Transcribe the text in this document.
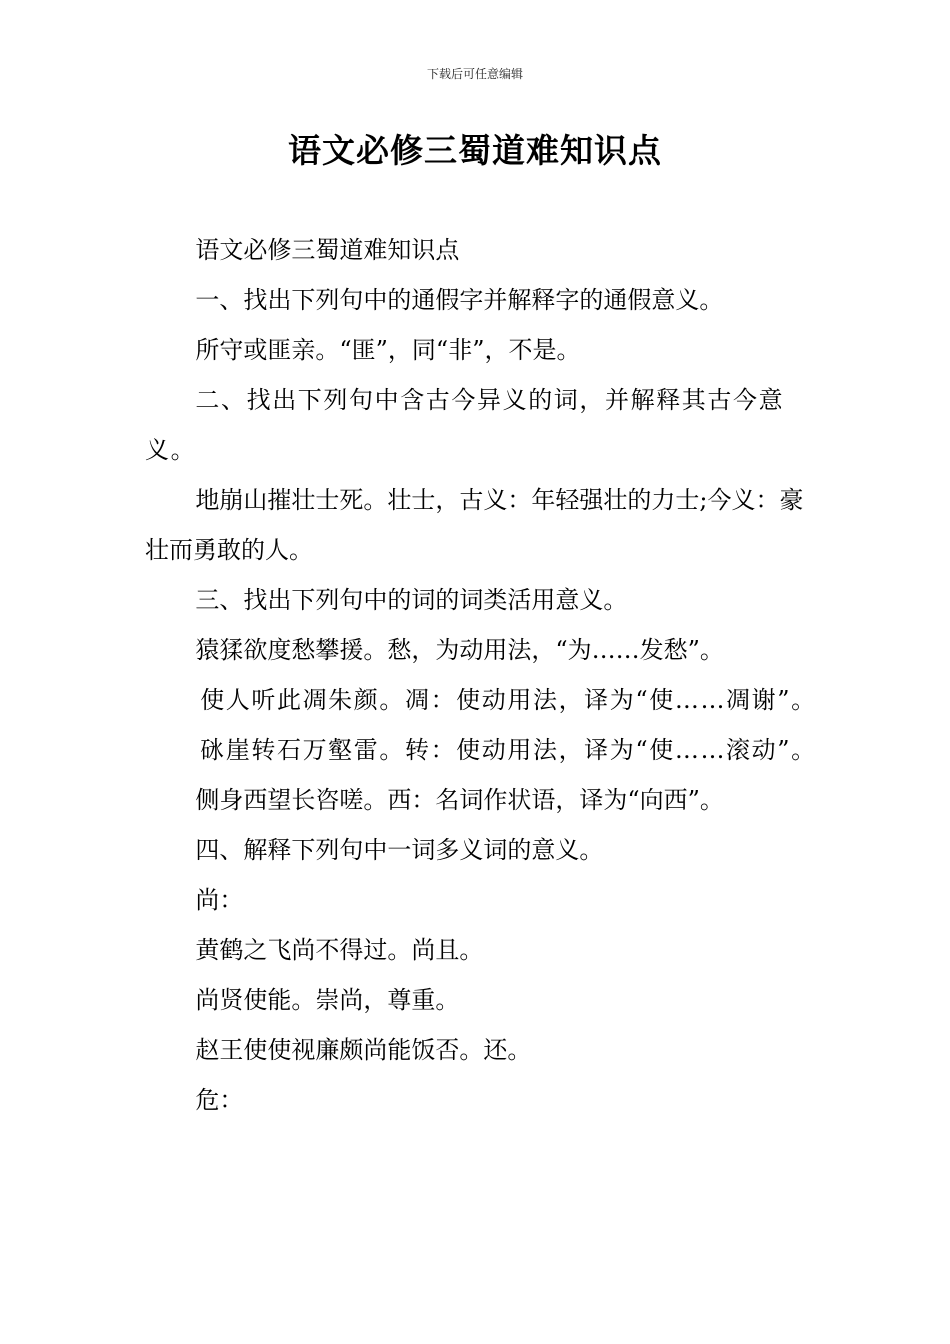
下载后可任意编辑
语文必修三蜀道难知识点

语文必修三蜀道难知识点

一、找出下列句中的通假字并解释字的通假意义。

所守或匪亲。“匪”，同“非”，不是。

二、找出下列句中含古今异义的词，并解释其古今意义。

地崩山摧壮士死。壮士，古义：年轻强壮的力士;今义：豪壮而勇敢的人。

三、找出下列句中的词的词类活用意义。

猿猱欲度愁攀援。愁，为动用法，“为……发愁”。

使人听此凋朱颜。凋：使动用法，译为“使……凋谢”。

砯崖转石万壑雷。转：使动用法，译为“使……滚动”。

侧身西望长咨嗟。西：名词作状语，译为“向西”。

四、解释下列句中一词多义词的意义。

尚：

黄鹤之飞尚不得过。尚且。

尚贤使能。崇尚，尊重。

赵王使使视廉颇尚能饭否。还。

危：
